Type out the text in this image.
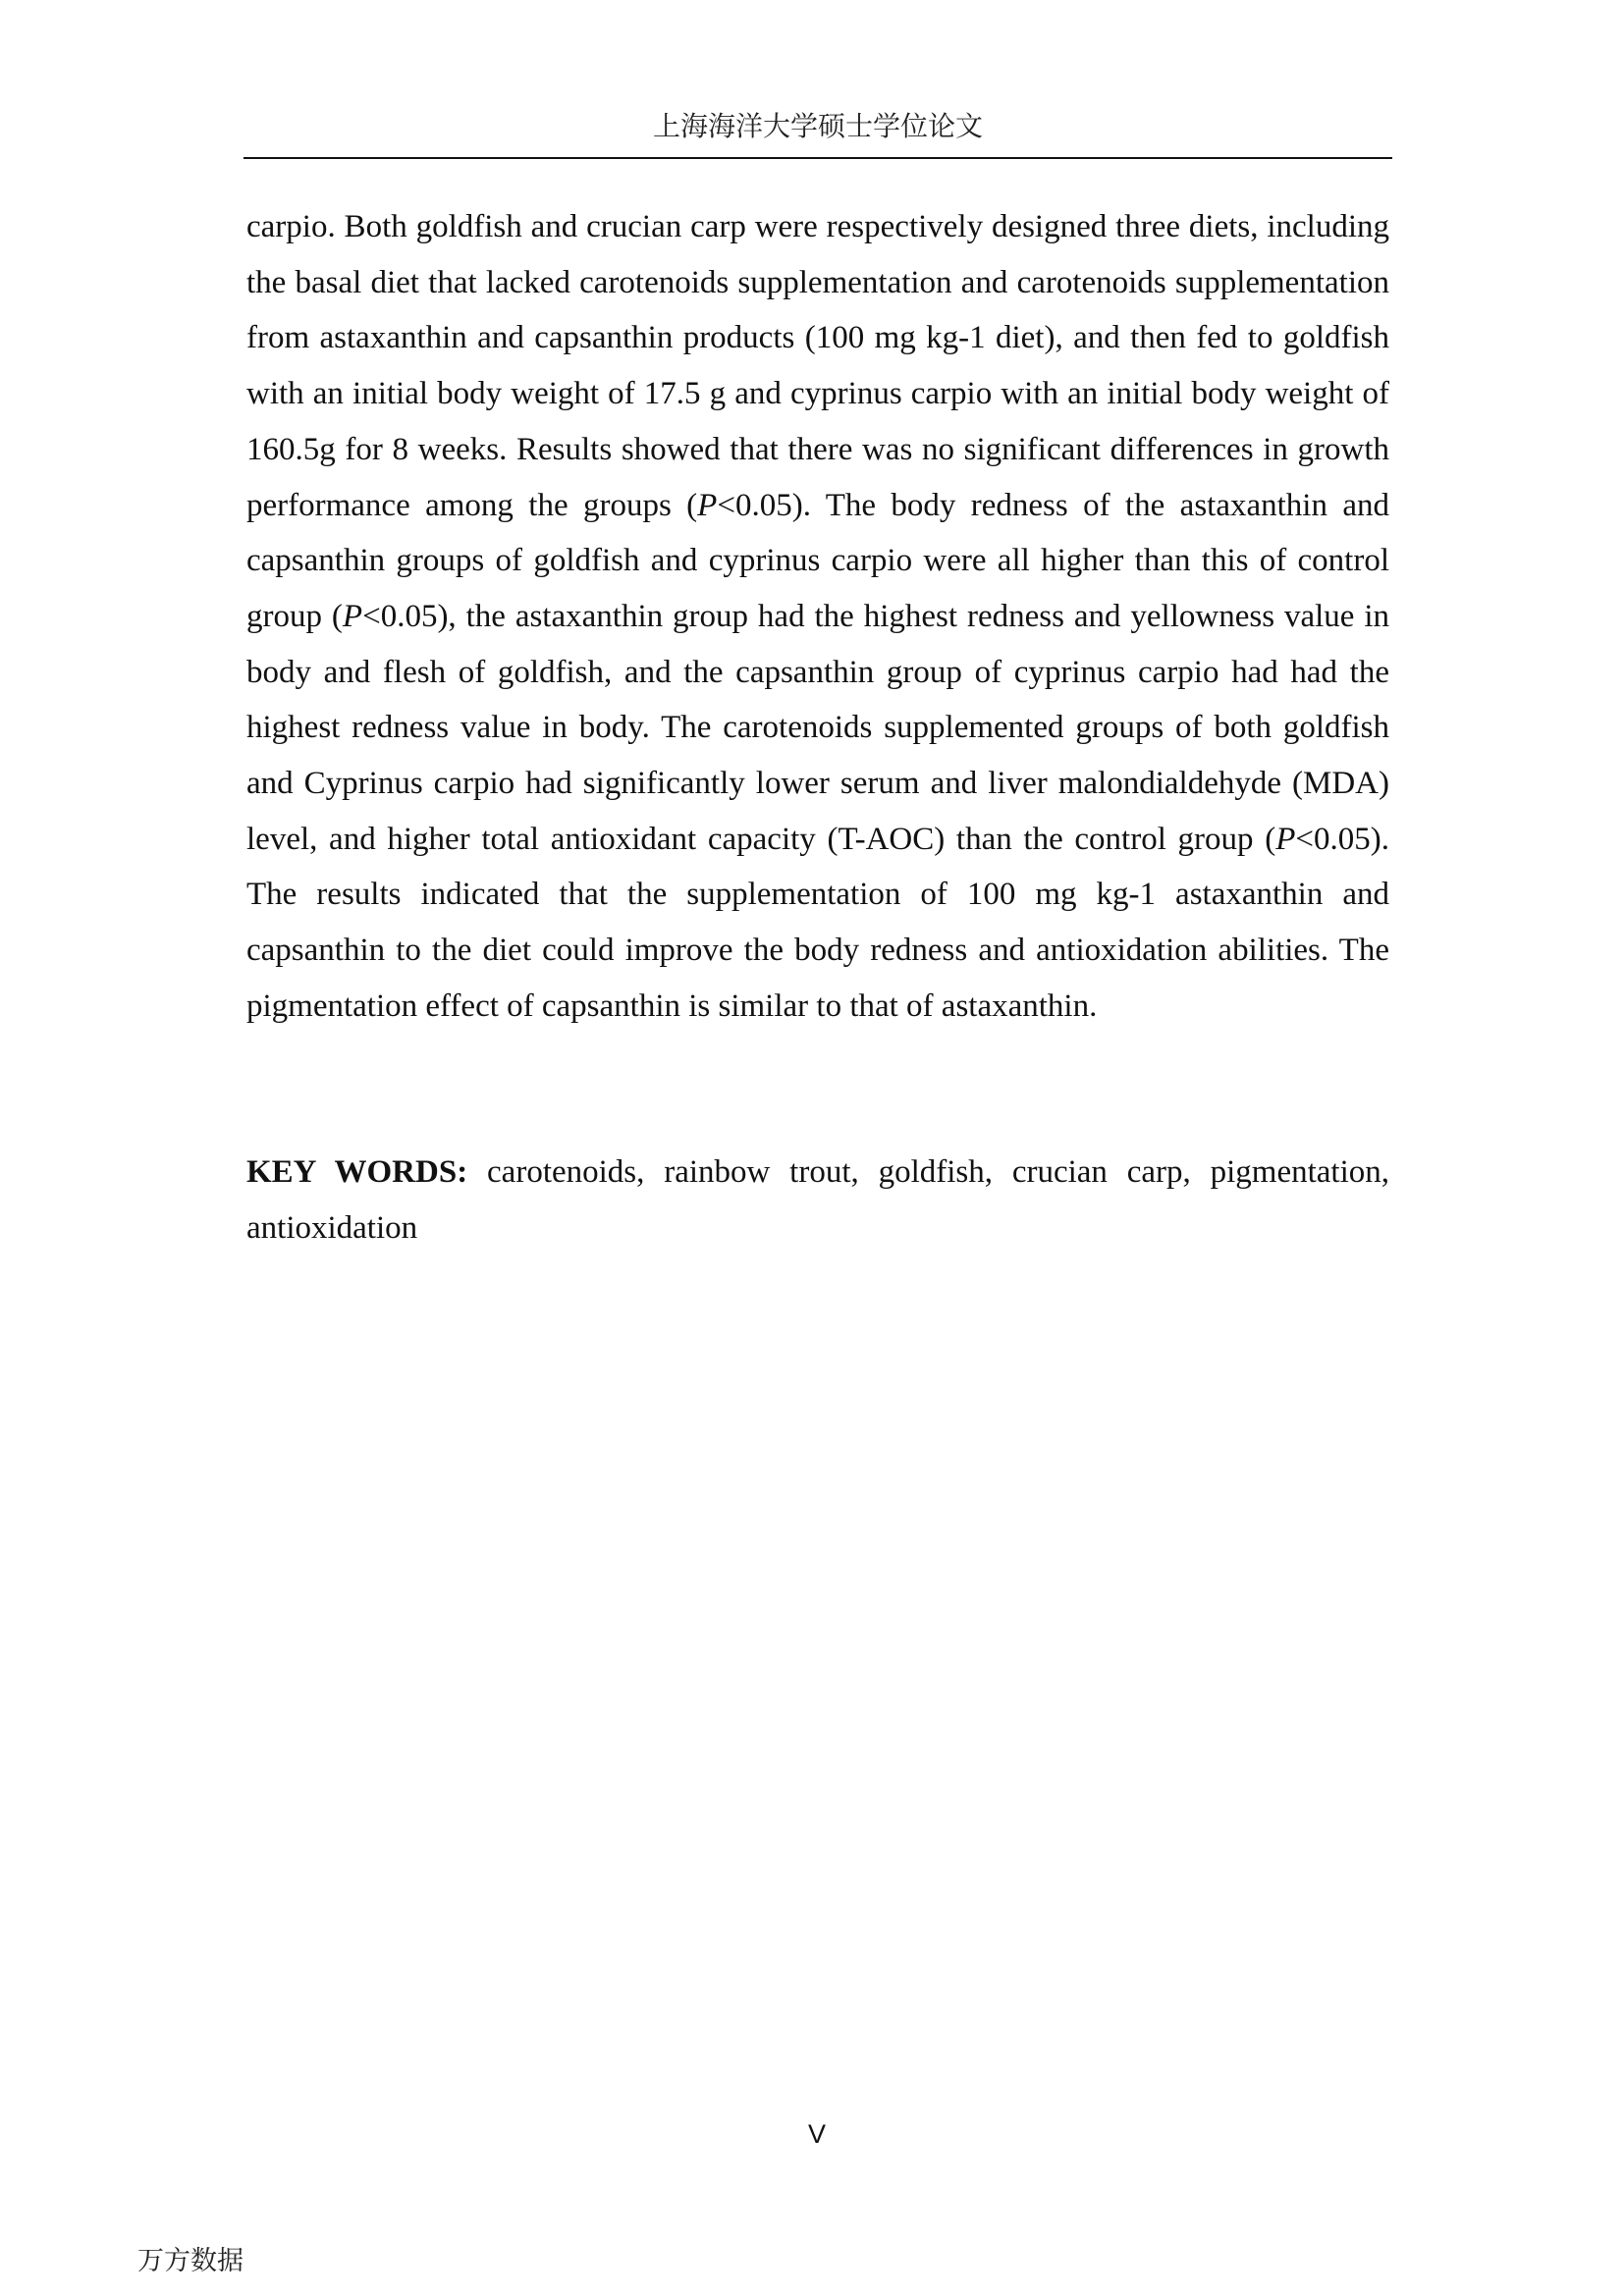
上海海洋大学硕士学位论文

carpio. Both goldfish and crucian carp were respectively designed three diets, including the basal diet that lacked carotenoids supplementation and carotenoids supplementation from astaxanthin and capsanthin products (100 mg kg-1 diet), and then fed to goldfish with an initial body weight of 17.5 g and cyprinus carpio with an initial body weight of 160.5g for 8 weeks. Results showed that there was no significant differences in growth performance among the groups (P<0.05). The body redness of the astaxanthin and capsanthin groups of goldfish and cyprinus carpio were all higher than this of control group (P<0.05), the astaxanthin group had the highest redness and yellowness value in body and flesh of goldfish, and the capsanthin group of cyprinus carpio had had the highest redness value in body. The carotenoids supplemented groups of both goldfish and Cyprinus carpio had significantly lower serum and liver malondialdehyde (MDA) level, and higher total antioxidant capacity (T-AOC) than the control group (P<0.05). The results indicated that the supplementation of 100 mg kg-1 astaxanthin and capsanthin to the diet could improve the body redness and antioxidation abilities. The pigmentation effect of capsanthin is similar to that of astaxanthin.

KEY WORDS: carotenoids, rainbow trout, goldfish, crucian carp, pigmentation, antioxidation

V
万方数据
